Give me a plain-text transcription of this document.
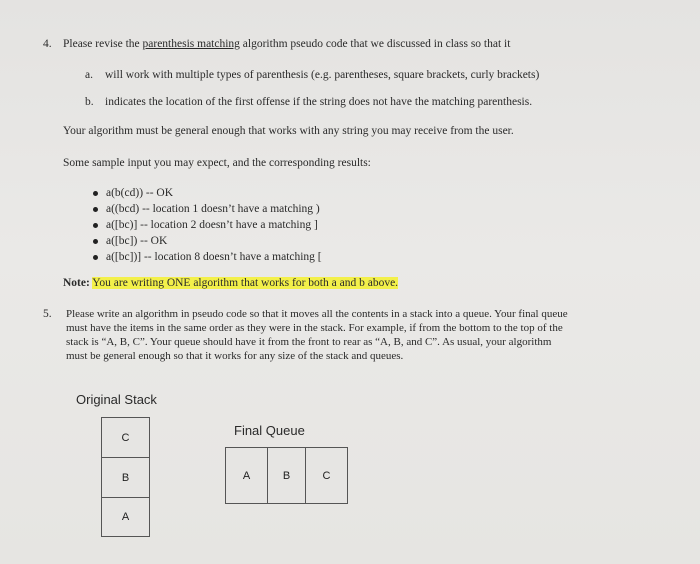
4. Please revise the parenthesis matching algorithm pseudo code that we discussed in class so that it
a. will work with multiple types of parenthesis (e.g. parentheses, square brackets, curly brackets)
b. indicates the location of the first offense if the string does not have the matching parenthesis.
Your algorithm must be general enough that works with any string you may receive from the user.
Some sample input you may expect, and the corresponding results:
a(b(cd)) -- OK
a((bcd) -- location 1 doesn’t have a matching )
a([bc)] -- location 2 doesn’t have a matching ]
a([bc]) -- OK
a([bc])] -- location 8 doesn’t have a matching [
Note: You are writing ONE algorithm that works for both a and b above.
5. Please write an algorithm in pseudo code so that it moves all the contents in a stack into a queue. Your final queue
must have the items in the same order as they were in the stack. For example, if from the bottom to the top of the
stack is “A, B, C”. Your queue should have it from the front to rear as “A, B, and C”. As usual, your algorithm
must be general enough so that it works for any size of the stack and queues.
Original Stack
C
B
A
Final Queue
A	B	C
